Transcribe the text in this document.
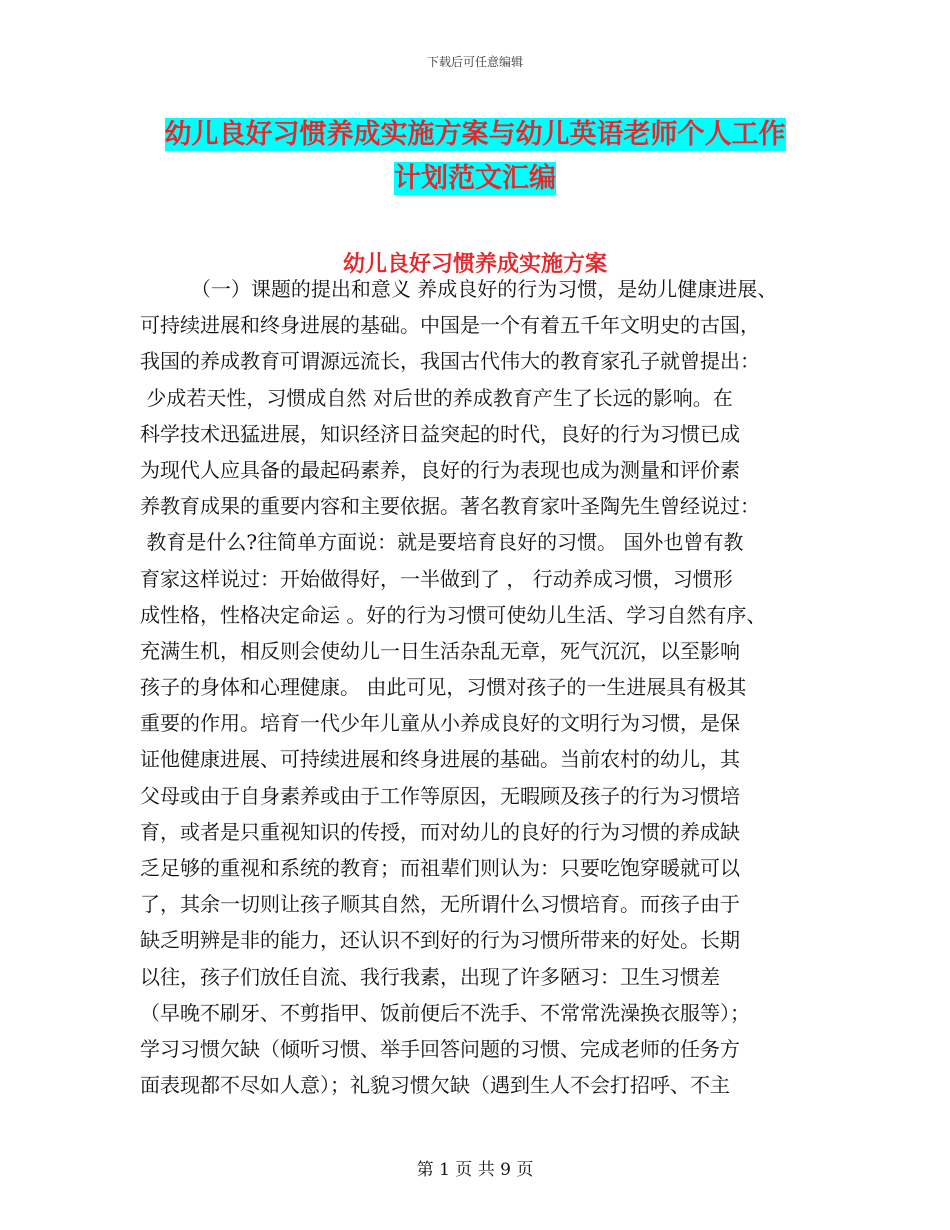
下载后可任意编辑
幼儿良好习惯养成实施方案与幼儿英语老师个人工作
计划范文汇编
幼儿良好习惯养成实施方案
（一）课题的提出和意义 养成良好的行为习惯，是幼儿健康进展、
可持续进展和终身进展的基础。中国是一个有着五千年文明史的古国，
我国的养成教育可谓源远流长，我国古代伟大的教育家孔子就曾提出：
少成若天性，习惯成自然 对后世的养成教育产生了长远的影响。在
科学技术迅猛进展，知识经济日益突起的时代，良好的行为习惯已成
为现代人应具备的最起码素养，良好的行为表现也成为测量和评价素
养教育成果的重要内容和主要依据。著名教育家叶圣陶先生曾经说过：
教育是什么?往简单方面说：就是要培育良好的习惯。 国外也曾有教
育家这样说过：开始做得好，一半做到了 ， 行动养成习惯，习惯形
成性格，性格决定命运 。好的行为习惯可使幼儿生活、学习自然有序、
充满生机，相反则会使幼儿一日生活杂乱无章，死气沉沉，以至影响
孩子的身体和心理健康。 由此可见，习惯对孩子的一生进展具有极其
重要的作用。培育一代少年儿童从小养成良好的文明行为习惯，是保
证他健康进展、可持续进展和终身进展的基础。当前农村的幼儿，其
父母或由于自身素养或由于工作等原因，无暇顾及孩子的行为习惯培
育，或者是只重视知识的传授，而对幼儿的良好的行为习惯的养成缺
乏足够的重视和系统的教育；而祖辈们则认为：只要吃饱穿暖就可以
了，其余一切则让孩子顺其自然，无所谓什么习惯培育。而孩子由于
缺乏明辨是非的能力，还认识不到好的行为习惯所带来的好处。长期
以往，孩子们放任自流、我行我素，出现了许多陋习：卫生习惯差
（早晚不刷牙、不剪指甲、饭前便后不洗手、不常常洗澡换衣服等）；
学习习惯欠缺（倾听习惯、举手回答问题的习惯、完成老师的任务方
面表现都不尽如人意）；礼貌习惯欠缺（遇到生人不会打招呼、不主
第 1 页 共 9 页
